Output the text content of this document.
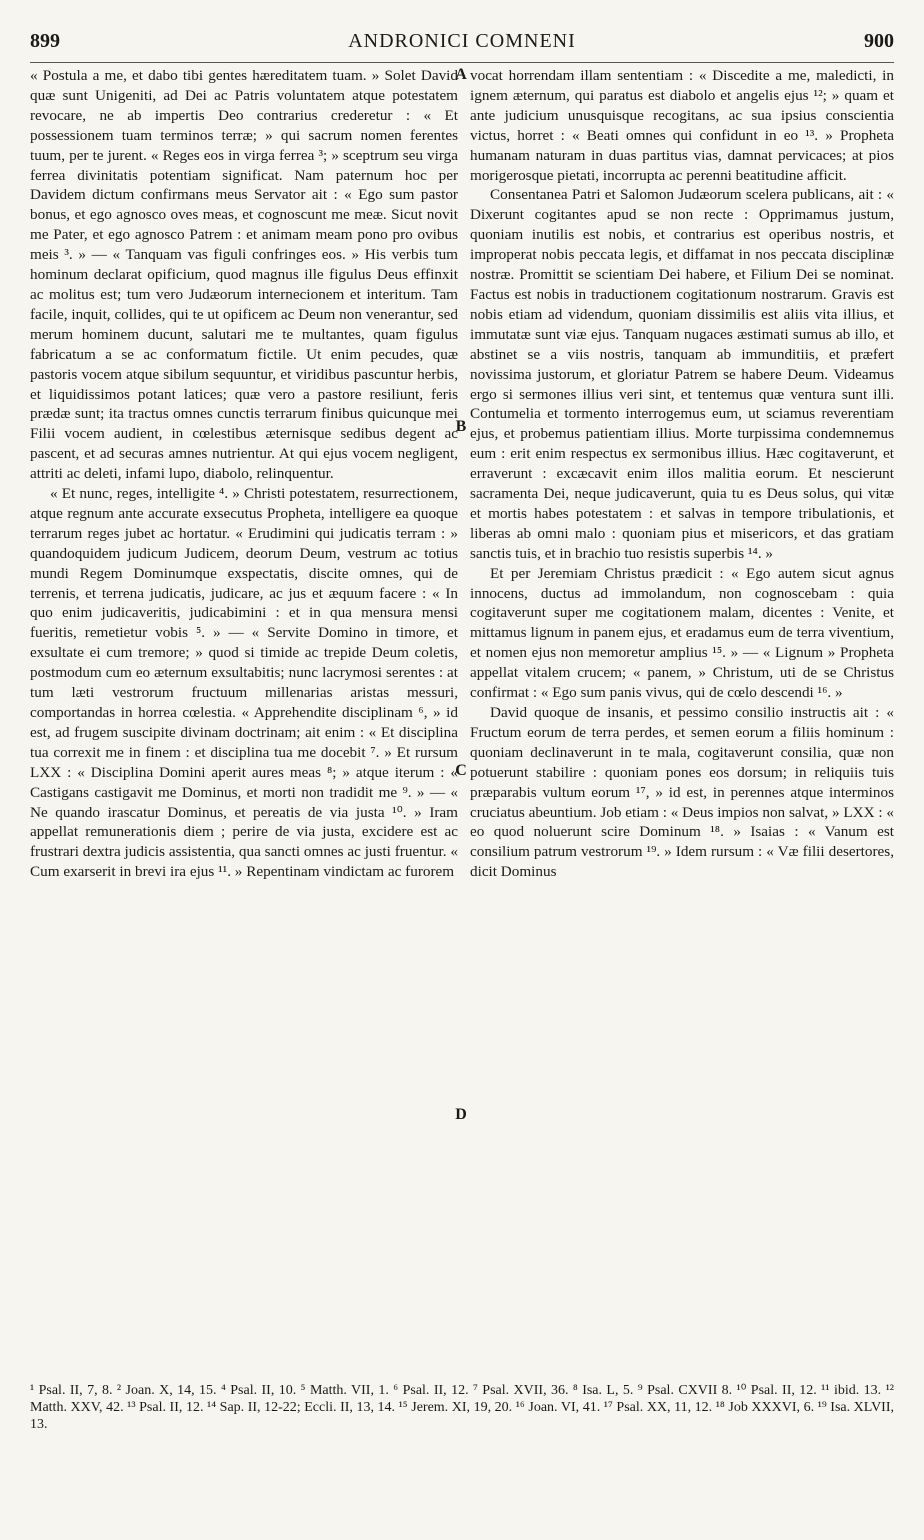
899	ANDRONICI COMNENI	900

« Postula a me, et dabo tibi gentes hæreditatem tuam. » Solet David quæ sunt Unigeniti, ad Dei ac Patris voluntatem atque potestatem revocare, ne ab impertis Deo contrarius crederetur : « Et possessionem tuam terminos terræ; » qui sacrum nomen ferentes tuum, per te jurent. « Reges eos in virga ferrea ³; » sceptrum seu virga ferrea divinitatis potentiam significat. Nam paternum hoc per Davidem dictum confirmans meus Servator ait : « Ego sum pastor bonus, et ego agnosco oves meas, et cognoscunt me meæ. Sicut novit me Pater, et ego agnosco Patrem : et animam meam pono pro ovibus meis ³. » — « Tanquam vas figuli confringes eos. » His verbis tum hominum declarat opificium, quod magnus ille figulus Deus effinxit ac molitus est; tum vero Judæorum internecionem et interitum. Tam facile, inquit, collides, qui te ut opificem ac Deum non venerantur, sed merum hominem ducunt, salutari me te multantes, quam figulus fabricatum a se ac conformatum fictile. Ut enim pecudes, quæ pastoris vocem atque sibilum sequuntur, et viridibus pascuntur herbis, et liquidissimos potant latices; quæ vero a pastore resiliunt, feris prædæ sunt; ita tractus omnes cunctis terrarum finibus quicunque mei Filii vocem audient, in cœlestibus æternisque sedibus degent ac pascent, et ad securas amnes nutrientur. At qui ejus vocem negligent, attriti ac deleti, infami lupo, diabolo, relinquentur.

« Et nunc, reges, intelligite ⁴. » Christi potestatem, resurrectionem, atque regnum ante accurate exsecutus Propheta, intelligere ea quoque terrarum reges jubet ac hortatur. « Erudimini qui judicatis terram : » quandoquidem judicum Judicem, deorum Deum, vestrum ac totius mundi Regem Dominumque exspectatis, discite omnes, qui de terrenis, et terrena judicatis, judicare, ac jus et æquum facere : « In quo enim judicaveritis, judicabimini : et in qua mensura mensi fueritis, remetietur vobis ⁵. » — « Servite Domino in timore, et exsultate ei cum tremore; » quod si timide ac trepide Deum coletis, postmodum cum eo æternum exsultabitis; nunc lacrymosi serentes : at tum læti vestrorum fructuum millenarias aristas messuri, comportandas in horrea cœlestia. « Apprehendite disciplinam ⁶, » id est, ad frugem suscipite divinam doctrinam; ait enim : « Et disciplina tua correxit me in finem : et disciplina tua me docebit ⁷. » Et rursum LXX : « Disciplina Domini aperit aures meas ⁸; » atque iterum : « Castigans castigavit me Dominus, et morti non tradidit me ⁹. » — « Ne quando irascatur Dominus, et pereatis de via justa ¹⁰. » Iram appellat remunerationis diem ; perire de via justa, excidere est ac frustrari dextra judicis assistentia, qua sancti omnes ac justi fruentur. « Cum exarserit in brevi ira ejus ¹¹. » Repentinam vindictam ac furorem

A
B
C
D

vocat horrendam illam sententiam : « Discedite a me, maledicti, in ignem æternum, qui paratus est diabolo et angelis ejus ¹²; » quam et ante judicium unusquisque recogitans, ac sua ipsius conscientia victus, horret : « Beati omnes qui confidunt in eo ¹³. » Propheta humanam naturam in duas partitus vias, damnat pervicaces; at pios morigerosque pietati, incorrupta ac perenni beatitudine afficit.

Consentanea Patri et Salomon Judæorum scelera publicans, ait : « Dixerunt cogitantes apud se non recte : Opprimamus justum, quoniam inutilis est nobis, et contrarius est operibus nostris, et improperat nobis peccata legis, et diffamat in nos peccata disciplinæ nostræ. Promittit se scientiam Dei habere, et Filium Dei se nominat. Factus est nobis in traductionem cogitationum nostrarum. Gravis est nobis etiam ad videndum, quoniam dissimilis est aliis vita illius, et immutatæ sunt viæ ejus. Tanquam nugaces æstimati sumus ab illo, et abstinet se a viis nostris, tanquam ab immunditiis, et præfert novissima justorum, et gloriatur Patrem se habere Deum. Videamus ergo si sermones illius veri sint, et tentemus quæ ventura sunt illi. Contumelia et tormento interrogemus eum, ut sciamus reverentiam ejus, et probemus patientiam illius. Morte turpissima condemnemus eum : erit enim respectus ex sermonibus illius. Hæc cogitaverunt, et erraverunt : excæcavit enim illos malitia eorum. Et nescierunt sacramenta Dei, neque judicaverunt, quia tu es Deus solus, qui vitæ et mortis habes potestatem : et salvas in tempore tribulationis, et liberas ab omni malo : quoniam pius et misericors, et das gratiam sanctis tuis, et in brachio tuo resistis superbis ¹⁴. »

Et per Jeremiam Christus prædicit : « Ego autem sicut agnus innocens, ductus ad immolandum, non cognoscebam : quia cogitaverunt super me cogitationem malam, dicentes : Venite, et mittamus lignum in panem ejus, et eradamus eum de terra viventium, et nomen ejus non memoretur amplius ¹⁵. » — « Lignum » Propheta appellat vitalem crucem; « panem, » Christum, uti de se Christus confirmat : « Ego sum panis vivus, qui de cœlo descendi ¹⁶. »

David quoque de insanis, et pessimo consilio instructis ait : « Fructum eorum de terra perdes, et semen eorum a filiis hominum : quoniam declinaverunt in te mala, cogitaverunt consilia, quæ non potuerunt stabilire : quoniam pones eos dorsum; in reliquiis tuis præparabis vultum eorum ¹⁷, » id est, in perennes atque interminos cruciatus abeuntium. Job etiam : « Deus impios non salvat, » LXX : « eo quod noluerunt scire Dominum ¹⁸. » Isaias : « Vanum est consilium patrum vestrorum ¹⁹. » Idem rursum : « Væ filii desertores, dicit Dominus

¹ Psal. II, 7, 8. ² Joan. X, 14, 15. ⁴ Psal. II, 10. ⁵ Matth. VII, 1. ⁶ Psal. II, 12. ⁷ Psal. XVII, 36. ⁸ Isa. L, 5. ⁹ Psal. CXVII 8. ¹⁰ Psal. II, 12. ¹¹ ibid. 13. ¹² Matth. XXV, 42. ¹³ Psal. II, 12. ¹⁴ Sap. II, 12-22; Eccli. II, 13, 14. ¹⁵ Jerem. XI, 19, 20. ¹⁶ Joan. VI, 41. ¹⁷ Psal. XX, 11, 12. ¹⁸ Job XXXVI, 6. ¹⁹ Isa. XLVII, 13.
